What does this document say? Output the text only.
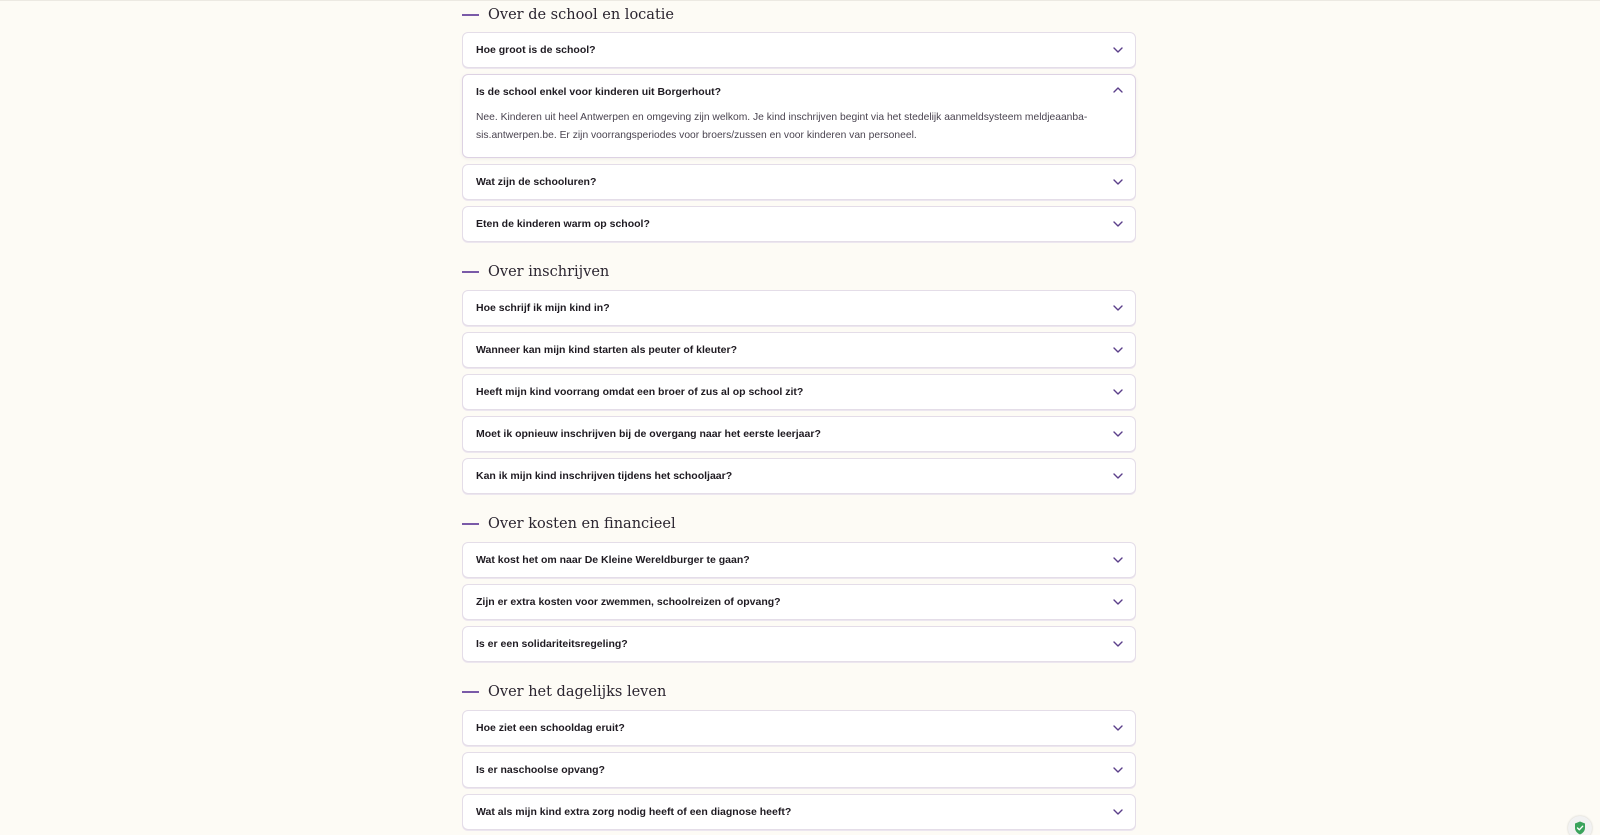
Over de school en locatie
Hoe groot is de school?
Is de school enkel voor kinderen uit Borgerhout?
Nee. Kinderen uit heel Antwerpen en omgeving zijn welkom. Je kind inschrijven begint via het stedelijk aanmeldsysteem meldjeaanba-sis.antwerpen.be. Er zijn voorrangsperiodes voor broers/zussen en voor kinderen van personeel.
Wat zijn de schooluren?
Eten de kinderen warm op school?
Over inschrijven
Hoe schrijf ik mijn kind in?
Wanneer kan mijn kind starten als peuter of kleuter?
Heeft mijn kind voorrang omdat een broer of zus al op school zit?
Moet ik opnieuw inschrijven bij de overgang naar het eerste leerjaar?
Kan ik mijn kind inschrijven tijdens het schooljaar?
Over kosten en financieel
Wat kost het om naar De Kleine Wereldburger te gaan?
Zijn er extra kosten voor zwemmen, schoolreizen of opvang?
Is er een solidariteitsregeling?
Over het dagelijks leven
Hoe ziet een schooldag eruit?
Is er naschoolse opvang?
Wat als mijn kind extra zorg nodig heeft of een diagnose heeft?
